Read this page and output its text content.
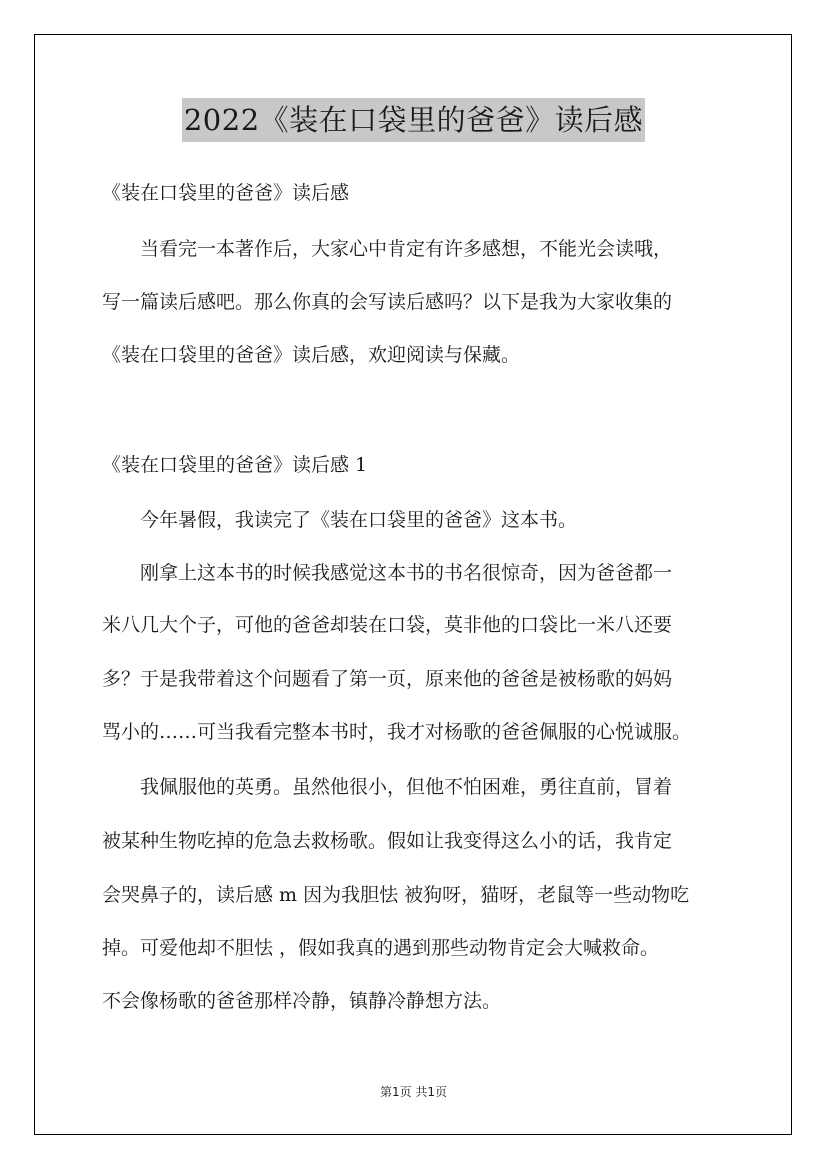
2022《装在口袋里的爸爸》读后感
《装在口袋里的爸爸》读后感
当看完一本著作后，大家心中肯定有许多感想，不能光会读哦，
写一篇读后感吧。那么你真的会写读后感吗？以下是我为大家收集的
《装在口袋里的爸爸》读后感，欢迎阅读与保藏。
《装在口袋里的爸爸》读后感 1
今年暑假，我读完了《装在口袋里的爸爸》这本书。
刚拿上这本书的时候我感觉这本书的书名很惊奇，因为爸爸都一
米八几大个子，可他的爸爸却装在口袋，莫非他的口袋比一米八还要
多？于是我带着这个问题看了第一页，原来他的爸爸是被杨歌的妈妈
骂小的……可当我看完整本书时，我才对杨歌的爸爸佩服的心悦诚服。
我佩服他的英勇。虽然他很小，但他不怕困难，勇往直前，冒着
被某种生物吃掉的危急去救杨歌。假如让我变得这么小的话，我肯定
会哭鼻子的，读后感 m 因为我胆怯 被狗呀，猫呀，老鼠等一些动物吃
掉。可爱他却不胆怯 ，假如我真的遇到那些动物肯定会大喊救命。
不会像杨歌的爸爸那样冷静，镇静冷静想方法。
第1页 共1页
